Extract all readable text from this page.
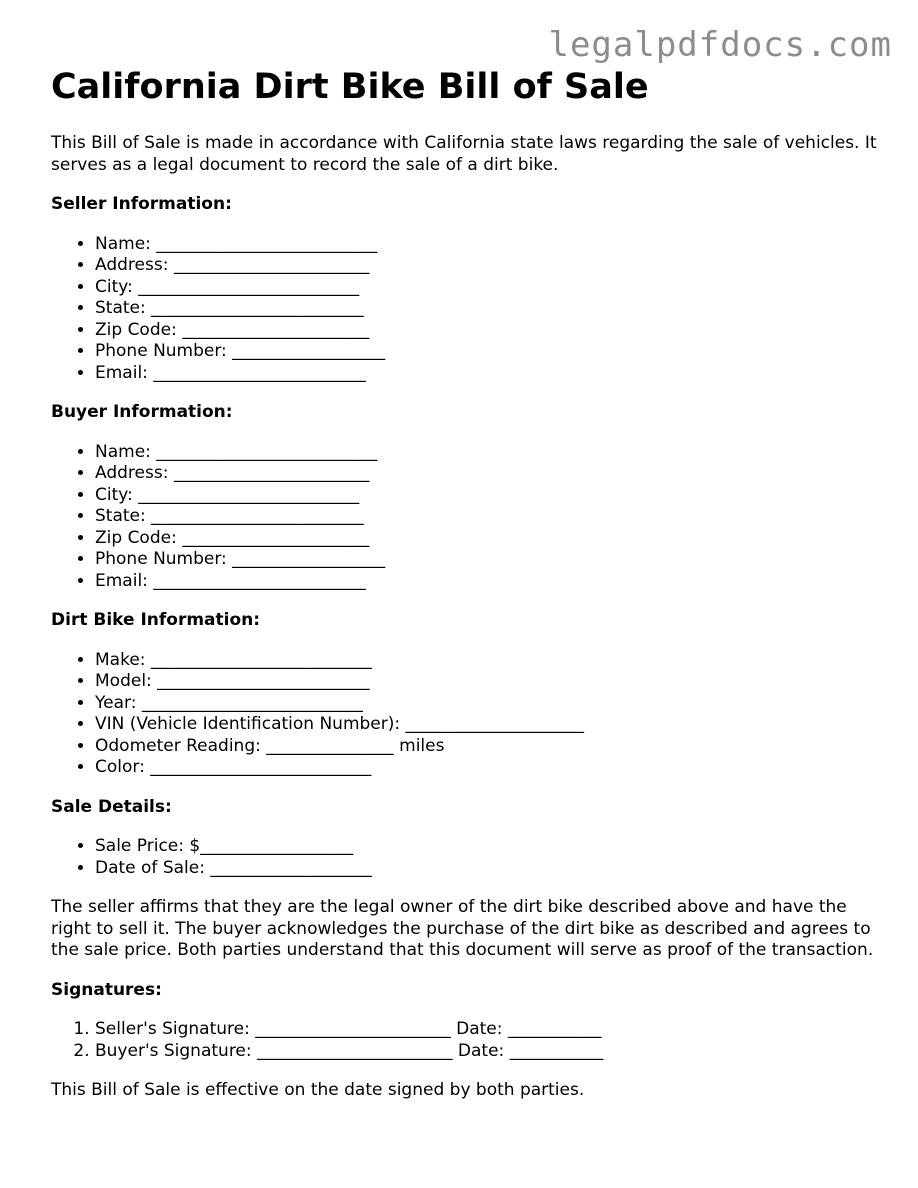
legalpdfdocs.com
California Dirt Bike Bill of Sale

This Bill of Sale is made in accordance with California state laws regarding the sale of vehicles. It serves as a legal document to record the sale of a dirt bike.

Seller Information:
• Name: __________________________
• Address: _______________________
• City: __________________________
• State: _________________________
• Zip Code: ______________________
• Phone Number: __________________
• Email: _________________________
Buyer Information:
• Name: __________________________
• Address: _______________________
• City: __________________________
• State: _________________________
• Zip Code: ______________________
• Phone Number: __________________
• Email: _________________________
Dirt Bike Information:
• Make: __________________________
• Model: _________________________
• Year: __________________________
• VIN (Vehicle Identification Number): _____________________
• Odometer Reading: _______________ miles
• Color: __________________________
Sale Details:
• Sale Price: $__________________
• Date of Sale: ___________________

The seller affirms that they are the legal owner of the dirt bike described above and have the right to sell it. The buyer acknowledges the purchase of the dirt bike as described and agrees to the sale price. Both parties understand that this document will serve as proof of the transaction.

Signatures:
1. Seller's Signature: _______________________ Date: ___________
2. Buyer's Signature: _______________________ Date: ___________

This Bill of Sale is effective on the date signed by both parties.
